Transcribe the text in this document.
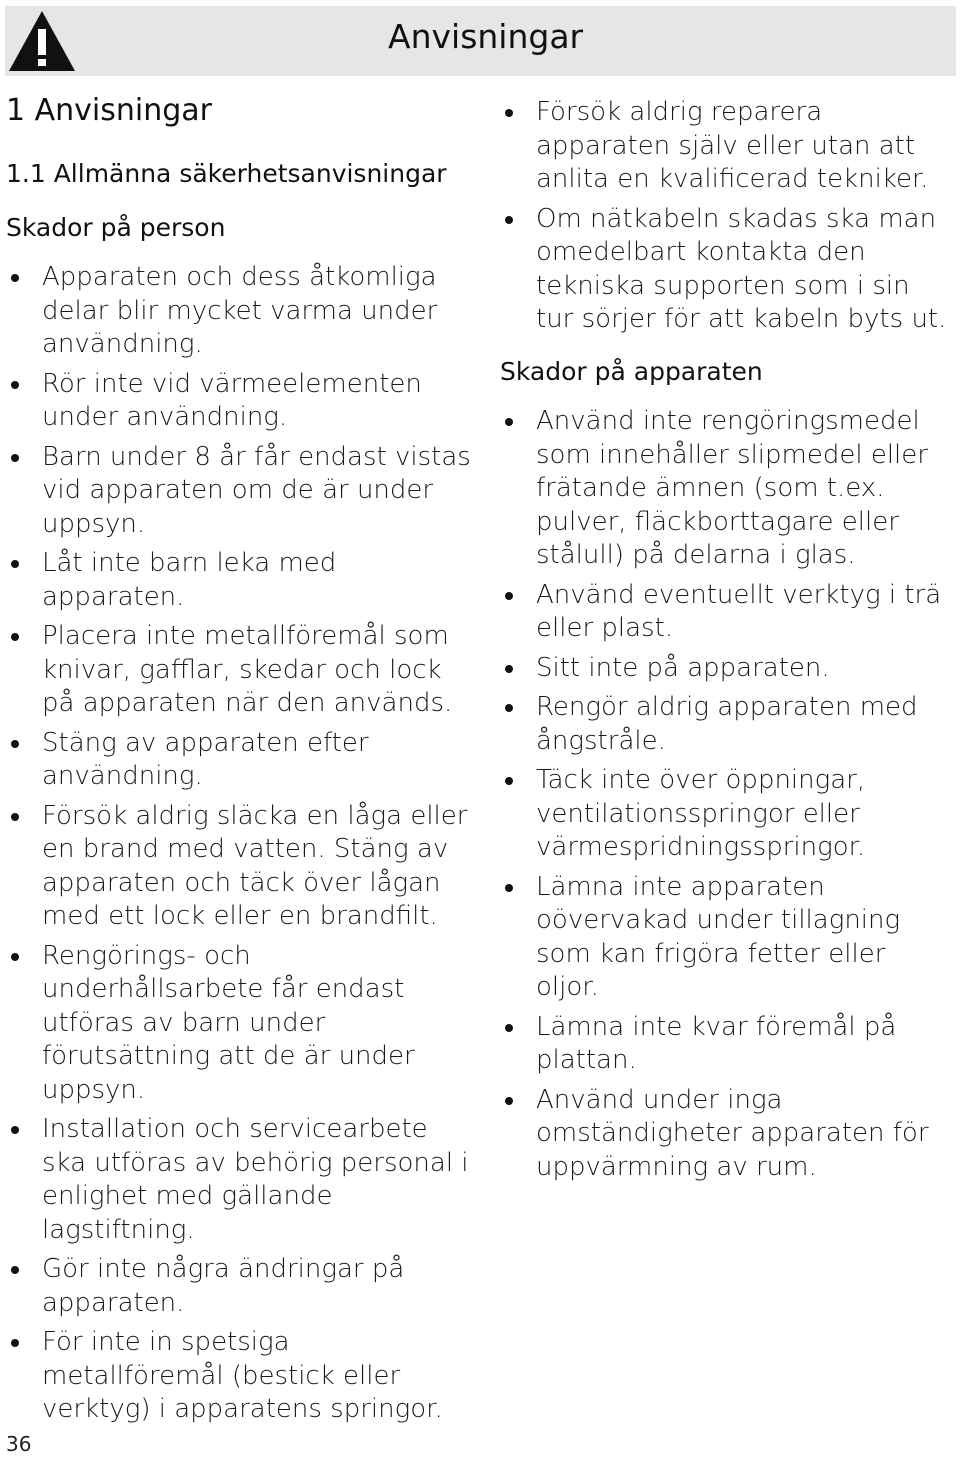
Anvisningar
1 Anvisningar
1.1 Allmänna säkerhetsanvisningar
Skador på person
Apparaten och dess åtkomliga delar blir mycket varma under användning.
Rör inte vid värmeelementen under användning.
Barn under 8 år får endast vistas vid apparaten om de är under uppsyn.
Låt inte barn leka med apparaten.
Placera inte metallföremål som knivar, gafflar, skedar och lock på apparaten när den används.
Stäng av apparaten efter användning.
Försök aldrig släcka en låga eller en brand med vatten. Stäng av apparaten och täck över lågan med ett lock eller en brandfilt.
Rengörings- och underhållsarbete får endast utföras av barn under förutsättning att de är under uppsyn.
Installation och servicearbete ska utföras av behörig personal i enlighet med gällande lagstiftning.
Gör inte några ändringar på apparaten.
För inte in spetsiga metallföremål (bestick eller verktyg) i apparatens springor.
Försök aldrig reparera apparaten själv eller utan att anlita en kvalificerad tekniker.
Om nätkabeln skadas ska man omedelbart kontakta den tekniska supporten som i sin tur sörjer för att kabeln byts ut.
Skador på apparaten
Använd inte rengöringsmedel som innehåller slipmedel eller frätande ämnen (som t.ex. pulver, fläckborttagare eller stålull) på delarna i glas.
Använd eventuellt verktyg i trä eller plast.
Sitt inte på apparaten.
Rengör aldrig apparaten med ångstråle.
Täck inte över öppningar, ventilationsspringor eller värmespridningsspringor.
Lämna inte apparaten oövervakad under tillagning som kan frigöra fetter eller oljor.
Lämna inte kvar föremål på plattan.
Använd under inga omständigheter apparaten för uppvärmning av rum.
36
